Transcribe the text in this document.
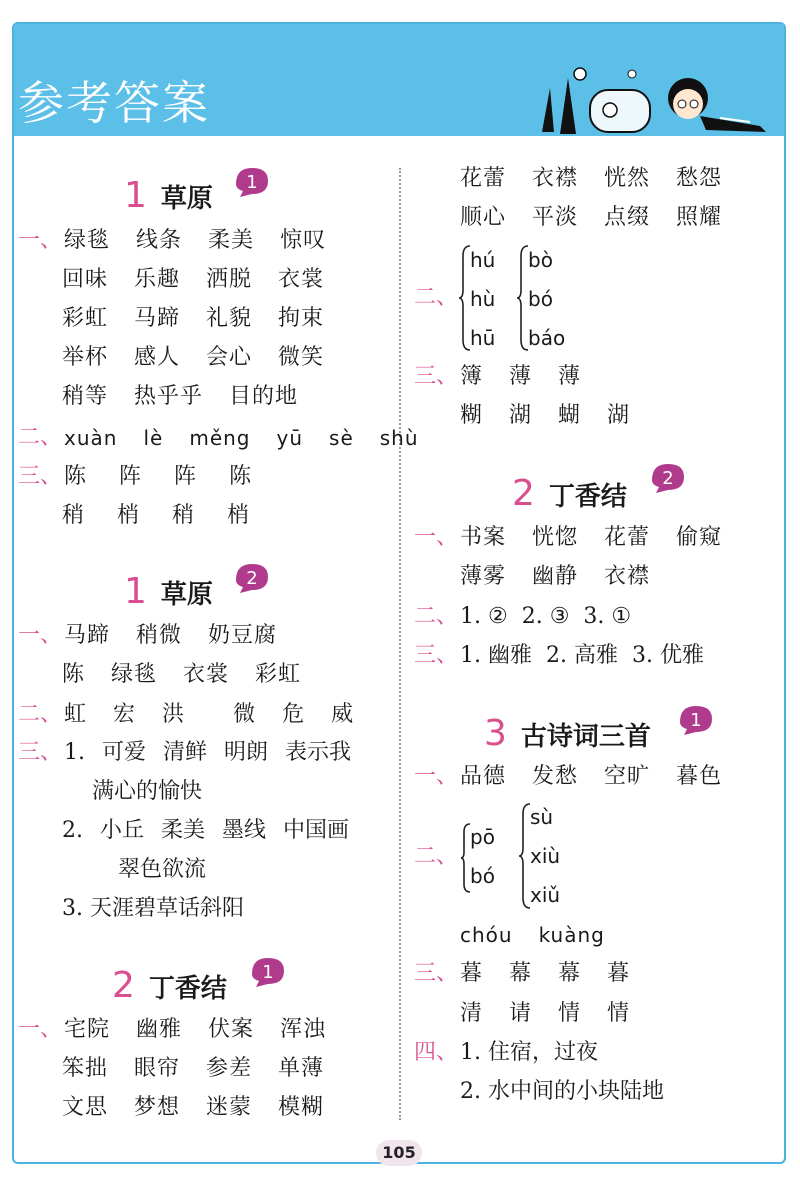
参考答案
1 草原
1
一、 绿毯 线条 柔美 惊叹
回味 乐趣 洒脱 衣裳
彩虹 马蹄 礼貌 拘束
举杯 感人 会心 微笑
稍等 热乎乎 目的地
二、 xuàn lè měng yū sè shù
三、 陈 阵 阵 陈
稍 梢 稍 梢
1 草原
2
一、 马蹄 稍微 奶豆腐
陈 绿毯 衣裳 彩虹
二、 虹 宏 洪 微 危 威
三、 1. 可爱 清鲜 明朗 表示我
满心的愉快
2. 小丘 柔美 墨线 中国画
翠色欲流
3. 天涯碧草话斜阳
2 丁香结
1
一、 宅院 幽雅 伏案 浑浊
笨拙 眼帘 参差 单薄
文思 梦想 迷蒙 模糊
花蕾 衣襟 恍然 愁怨
顺心 平淡 点缀 照耀
二、
hú
hù
hū
bò
bó
báo
三、 簿 薄 薄
糊 湖 蝴 湖
2 丁香结
2
一、 书案 恍惚 花蕾 偷窥
薄雾 幽静 衣襟
二、 1. ②  2. ③  3. ①
三、 1. 幽雅  2. 高雅  3. 优雅
3 古诗词三首
1
一、 品德 发愁 空旷 暮色
二、
pō
bó
sù
xiù
xiǔ
chóu kuàng
三、 暮 幕 幕 暮
清 请 情 情
四、 1. 住宿，过夜
2. 水中间的小块陆地
105
